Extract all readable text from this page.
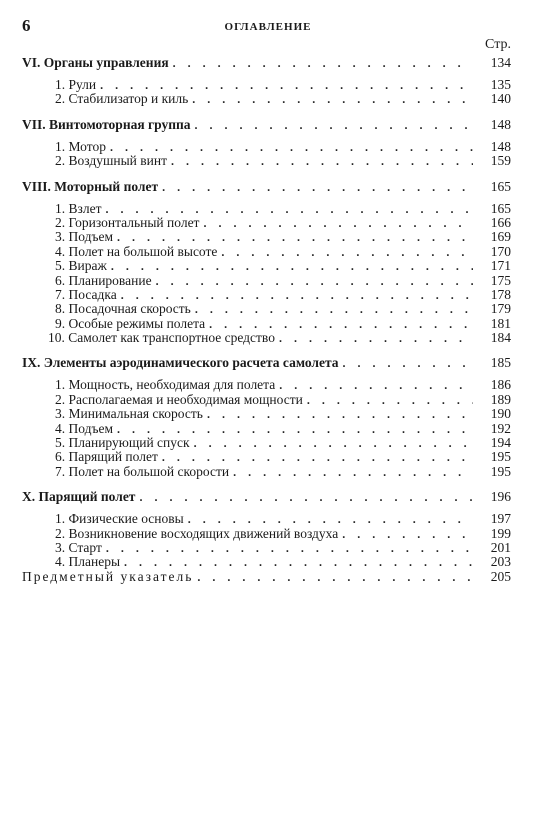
6	ОГЛАВЛЕНИЕ
Стр.
VI. Органы управления . . .	134
1. Рули . . .	135
2. Стабилизатор и киль . . .	140
VII. Винтомоторная группа . . .	148
1. Мотор . . .	148
2. Воздушный винт . . .	159
VIII. Моторный полет . . .	165
1. Взлет . . .	165
2. Горизонтальный полет . . .	166
3. Подъем . . .	169
4. Полет на большой высоте . . .	170
5. Вираж . . .	171
6. Планирование . . .	175
7. Посадка . . .	178
8. Посадочная скорость . . .	179
9. Особые режимы полета . . .	181
10. Самолет как транспортное средство . . .	184
IX. Элементы аэродинамического расчета самолета . . .	185
1. Мощность, необходимая для полета . . .	186
2. Располагаемая и необходимая мощности . . .	189
3. Минимальная скорость . . .	190
4. Подъем . . .	192
5. Планирующий спуск . . .	194
6. Парящий полет . . .	195
7. Полет на большой скорости . . .	195
X. Парящий полет . . .	196
1. Физические основы . . .	197
2. Возникновение восходящих движений воздуха . . .	199
3. Старт . . .	201
4. Планеры . . .	203
Предметный указатель . . .	205
